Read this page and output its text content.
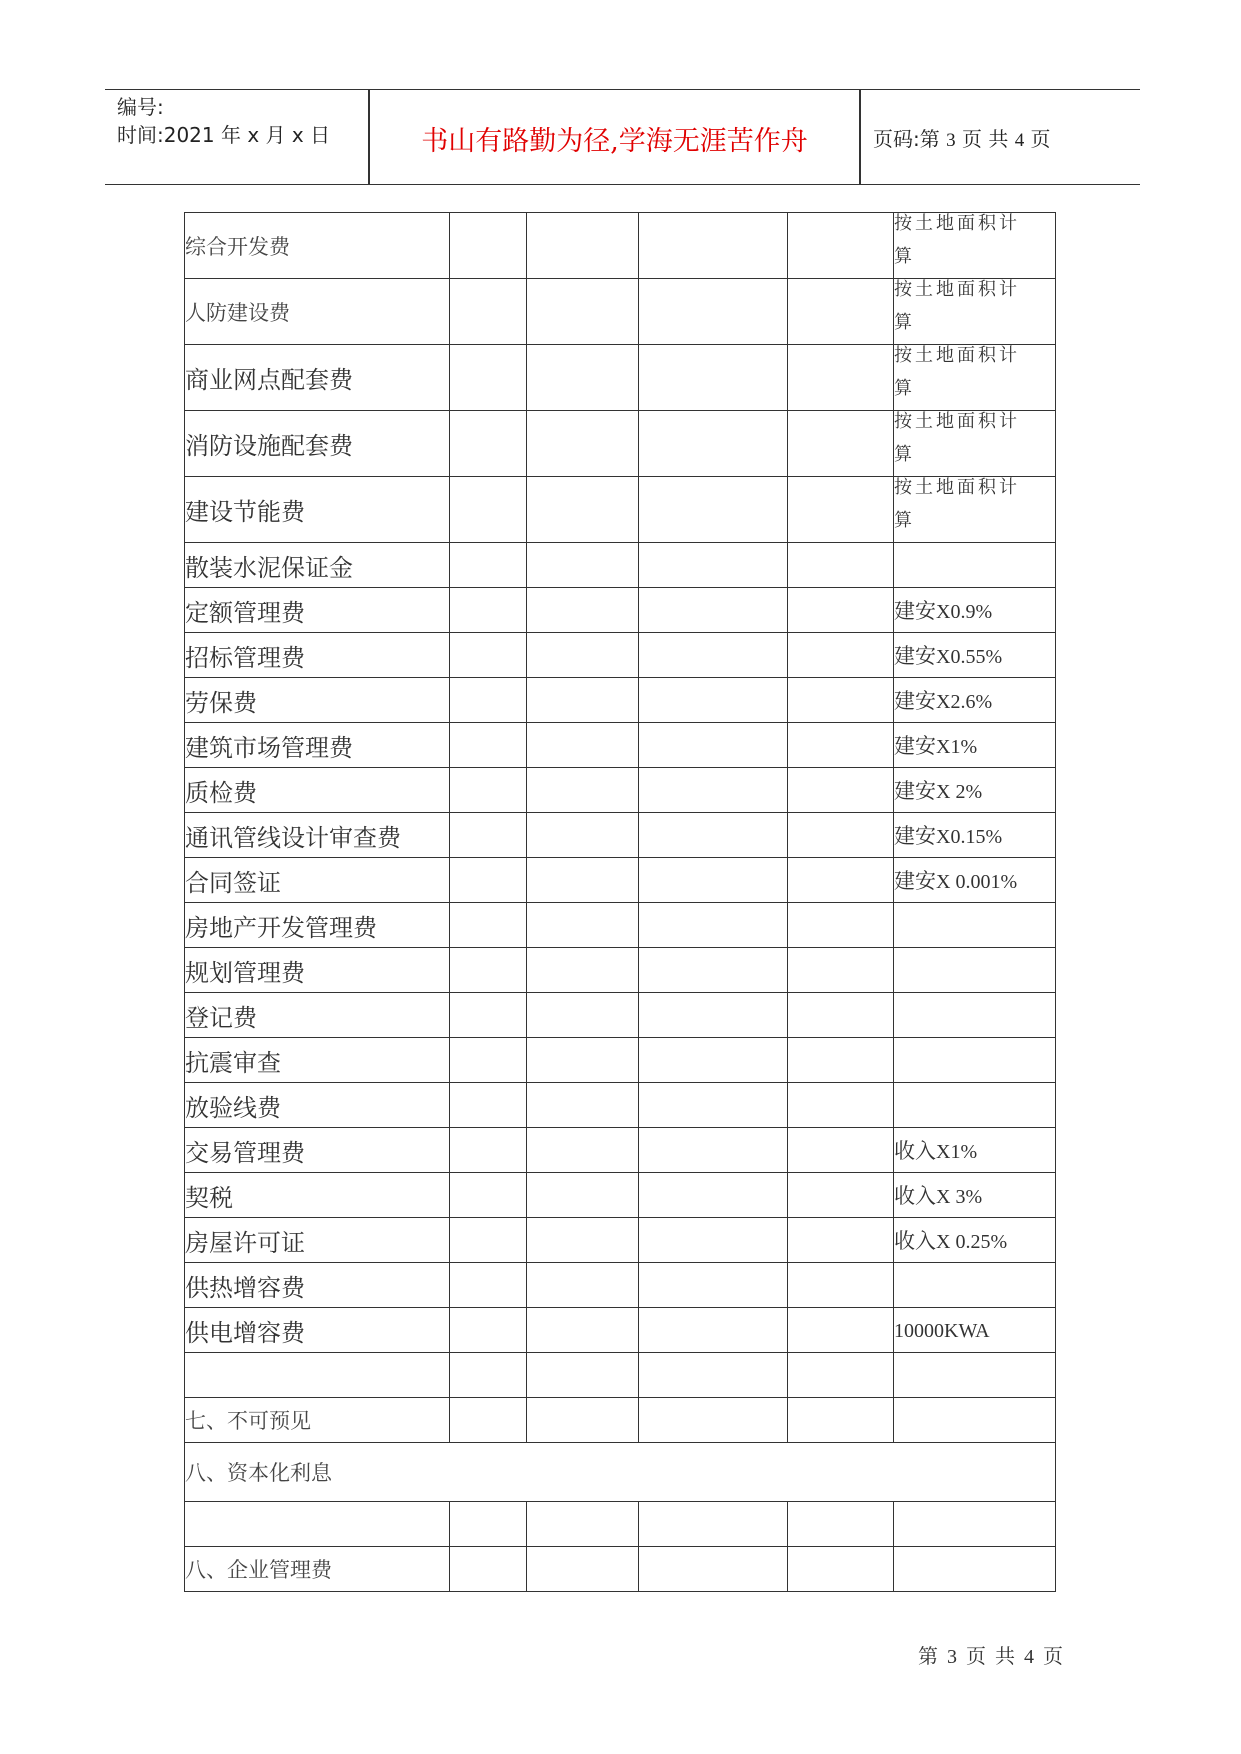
编号:
时间:2021 年 x 月 x 日	书山有路勤为径,学海无涯苦作舟	页码:第 3 页 共 4 页
综合开发费					按土地面积计算

人防建设费					按土地面积计算

商业网点配套费					按土地面积计算

消防设施配套费					按土地面积计算

建设节能费					按土地面积计算

散装水泥保证金					
定额管理费					建安X0.9%
招标管理费					建安X0.55%
劳保费					建安X2.6%
建筑市场管理费					建安X1%
质检费					建安X 2%
通讯管线设计审查费					建安X0.15%
合同签证					建安X 0.001%
房地产开发管理费					
规划管理费					
登记费					
抗震审查					
放验线费					
交易管理费					收入X1%
契税					收入X 3%
房屋许可证					收入X 0.25%
供热增容费					
供电增容费					10000KWA

七、不可预见					
八、资本化利息					

八、企业管理费					
第 3 页 共 4 页
